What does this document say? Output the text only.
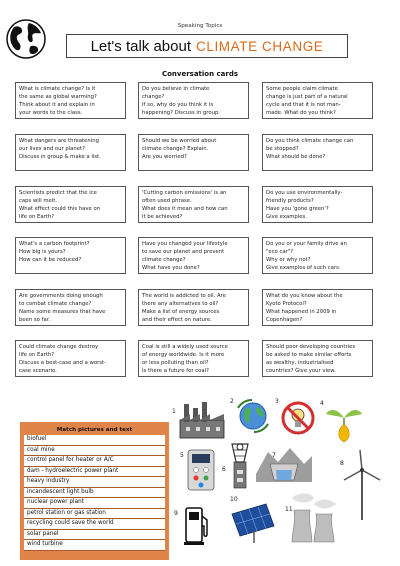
Speaking Topics
Let's talk about CLIMATE CHANGE
Conversation cards
What is climate change? Is it
the same as global warming?
Think about it and explain in
your words to the class.
Do you believe in climate
change?
If so, why do you think it is
happening? Discuss in group.
Some people claim climate
change is just part of a natural
cycle and that it is not man-
made. What do you think?
What dangers are threatening
our lives and our planet?
Discuss in group & make a list.
Should we be worried about
climate change? Explain.
Are you worried?
Do you think climate change can
be stopped?
What should be done?
Scientists predict that the ice
caps will melt.
What effect could this have on
life on Earth?
'Cutting carbon emissions' is an
often used phrase.
What does it mean and how can
it be achieved?
Do you use environmentally-
friendly products?
Have you 'gone green'?
Give examples.
What's a carbon footprint?
How big is yours?
How can it be reduced?
Have you changed your lifestyle
to save our planet and prevent
climate change?
What have you done?
Do you or your family drive an
"eco car"?
Why or why not?
Give examples of such cars.
Are governments doing enough
to combat climate change?
Name some measures that have
been so far.
The world is addicted to oil. Are
there any alternatives to oil?
Make a list of energy sources
and their effect on nature.
What do you know about the
Kyoto Protocol?
What happened in 2009 in
Copenhagen?
Could climate change destroy
life on Earth?
Discuss a best-case and a worst-
case scenario.
Coal is still a widely used source
of energy worldwide. Is it more
or less polluting than oil?
Is there a future for coal?
Should poor developing countries
be asked to make similar efforts
as wealthy, industrialised
countries? Give your view.
Match pictures and text
biofuel
coal mine
control panel for heater or A/C
dam - hydroelectric power plant
heavy industry
incandescent light bulb
nuclear power plant
petrol station or gas station
recycling could save the world
solar panel
wind turbine
1
2	3	4
5
6
7
8
9
10
11
